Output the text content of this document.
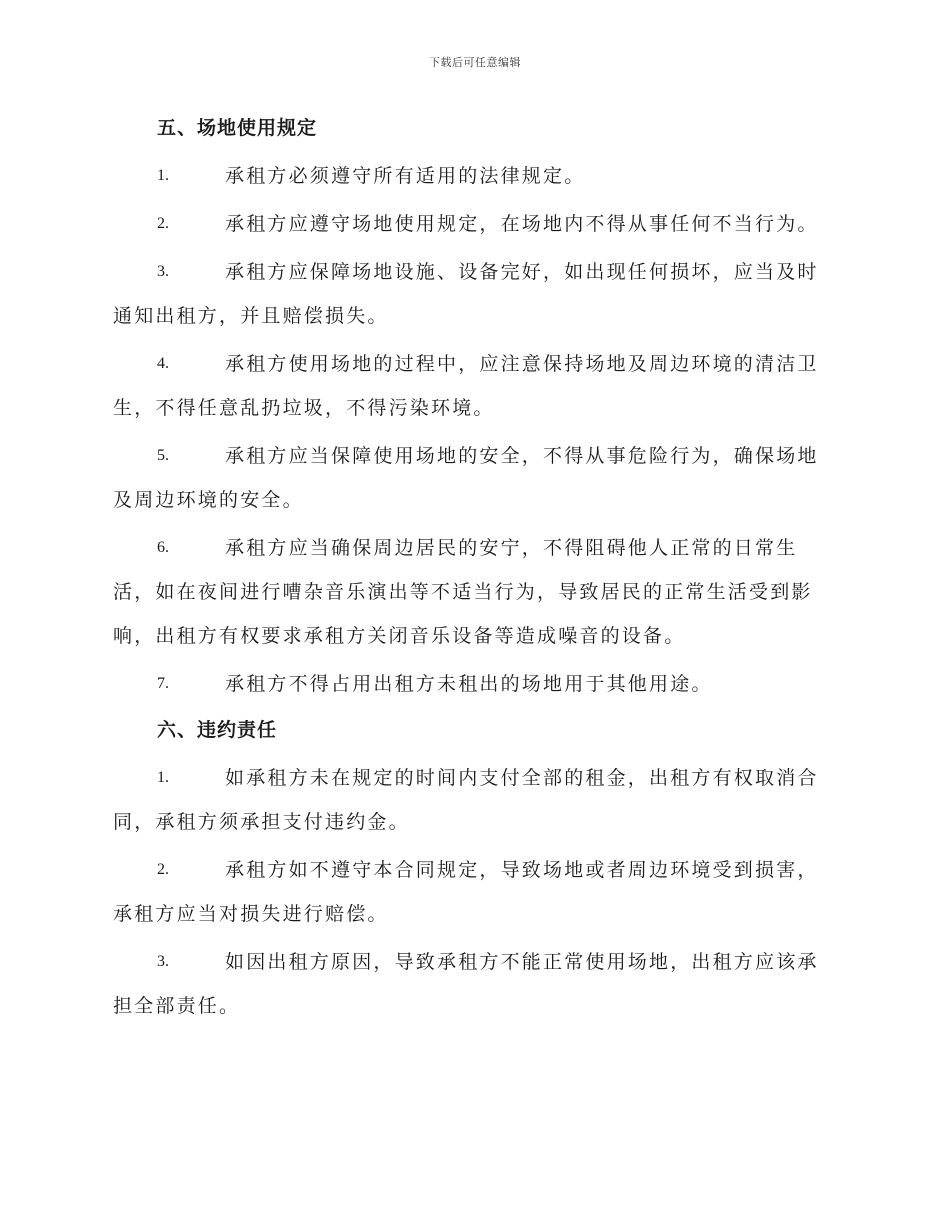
下载后可任意编辑
五、场地使用规定

1.	承租方必须遵守所有适用的法律规定。

2.	承租方应遵守场地使用规定，在场地内不得从事任何不当行为。

3.	承租方应保障场地设施、设备完好，如出现任何损坏，应当及时通知出租方，并且赔偿损失。

4.	承租方使用场地的过程中，应注意保持场地及周边环境的清洁卫生，不得任意乱扔垃圾，不得污染环境。

5.	承租方应当保障使用场地的安全，不得从事危险行为，确保场地及周边环境的安全。

6.	承租方应当确保周边居民的安宁，不得阻碍他人正常的日常生活，如在夜间进行嘈杂音乐演出等不适当行为，导致居民的正常生活受到影响，出租方有权要求承租方关闭音乐设备等造成噪音的设备。

7.	承租方不得占用出租方未租出的场地用于其他用途。

六、违约责任

1.	如承租方未在规定的时间内支付全部的租金，出租方有权取消合同，承租方须承担支付违约金。

2.	承租方如不遵守本合同规定，导致场地或者周边环境受到损害，承租方应当对损失进行赔偿。

3.	如因出租方原因，导致承租方不能正常使用场地，出租方应该承担全部责任。
